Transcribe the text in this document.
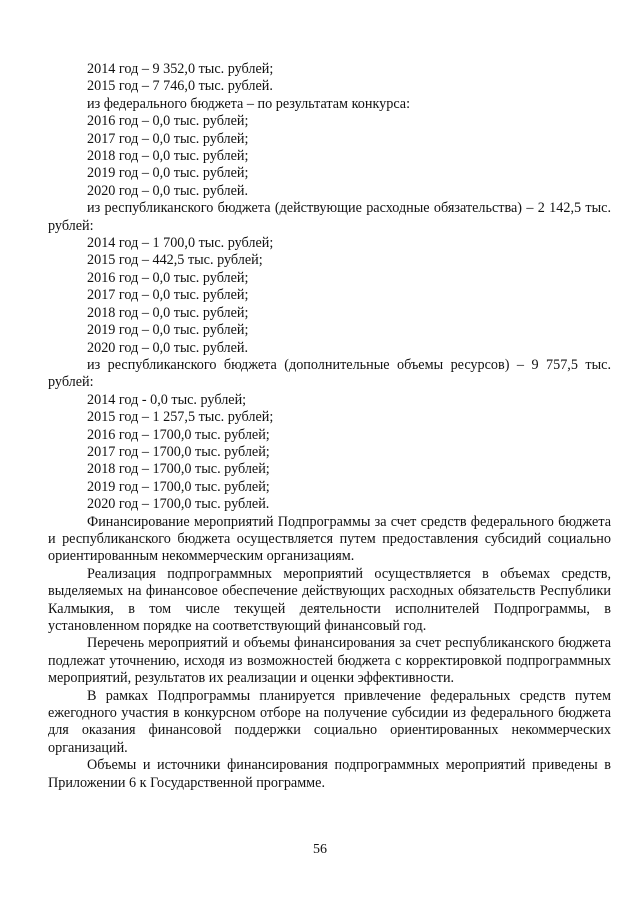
2014 год – 9 352,0 тыс. рублей;

2015 год – 7 746,0 тыс. рублей.

из федерального бюджета – по результатам конкурса:

2016 год – 0,0 тыс. рублей;

2017 год – 0,0 тыс. рублей;

2018 год – 0,0 тыс. рублей;

2019 год – 0,0 тыс. рублей;

2020 год – 0,0 тыс. рублей.

из республиканского бюджета (действующие расходные обязательства) – 2 142,5 тыс. рублей:

2014 год – 1 700,0 тыс. рублей;

2015 год – 442,5 тыс. рублей;

2016 год – 0,0 тыс. рублей;

2017 год – 0,0 тыс. рублей;

2018 год – 0,0 тыс. рублей;

2019 год – 0,0 тыс. рублей;

2020 год – 0,0 тыс. рублей.

из республиканского бюджета (дополнительные объемы ресурсов) – 9 757,5 тыс. рублей:

2014 год - 0,0 тыс. рублей;

2015 год – 1 257,5 тыс. рублей;

2016 год – 1700,0 тыс. рублей;

2017 год – 1700,0 тыс. рублей;

2018 год – 1700,0 тыс. рублей;

2019 год – 1700,0 тыс. рублей;

2020 год – 1700,0 тыс. рублей.

Финансирование мероприятий Подпрограммы за счет средств федерального бюджета и республиканского бюджета осуществляется путем предоставления субсидий социально ориентированным некоммерческим организациям.

Реализация подпрограммных мероприятий осуществляется в объемах средств, выделяемых на финансовое обеспечение действующих расходных обязательств Республики Калмыкия, в том числе текущей деятельности исполнителей Подпрограммы, в установленном порядке на соответствующий финансовый год.

Перечень мероприятий и объемы финансирования за счет республиканского бюджета подлежат уточнению, исходя из возможностей бюджета с корректировкой подпрограммных мероприятий, результатов их реализации и оценки эффективности.

В рамках Подпрограммы планируется привлечение федеральных средств путем ежегодного участия в конкурсном отборе на получение субсидии из федерального бюджета для оказания финансовой поддержки социально ориентированных некоммерческих организаций.

Объемы и источники финансирования подпрограммных мероприятий приведены в Приложении 6 к Государственной программе.

56
